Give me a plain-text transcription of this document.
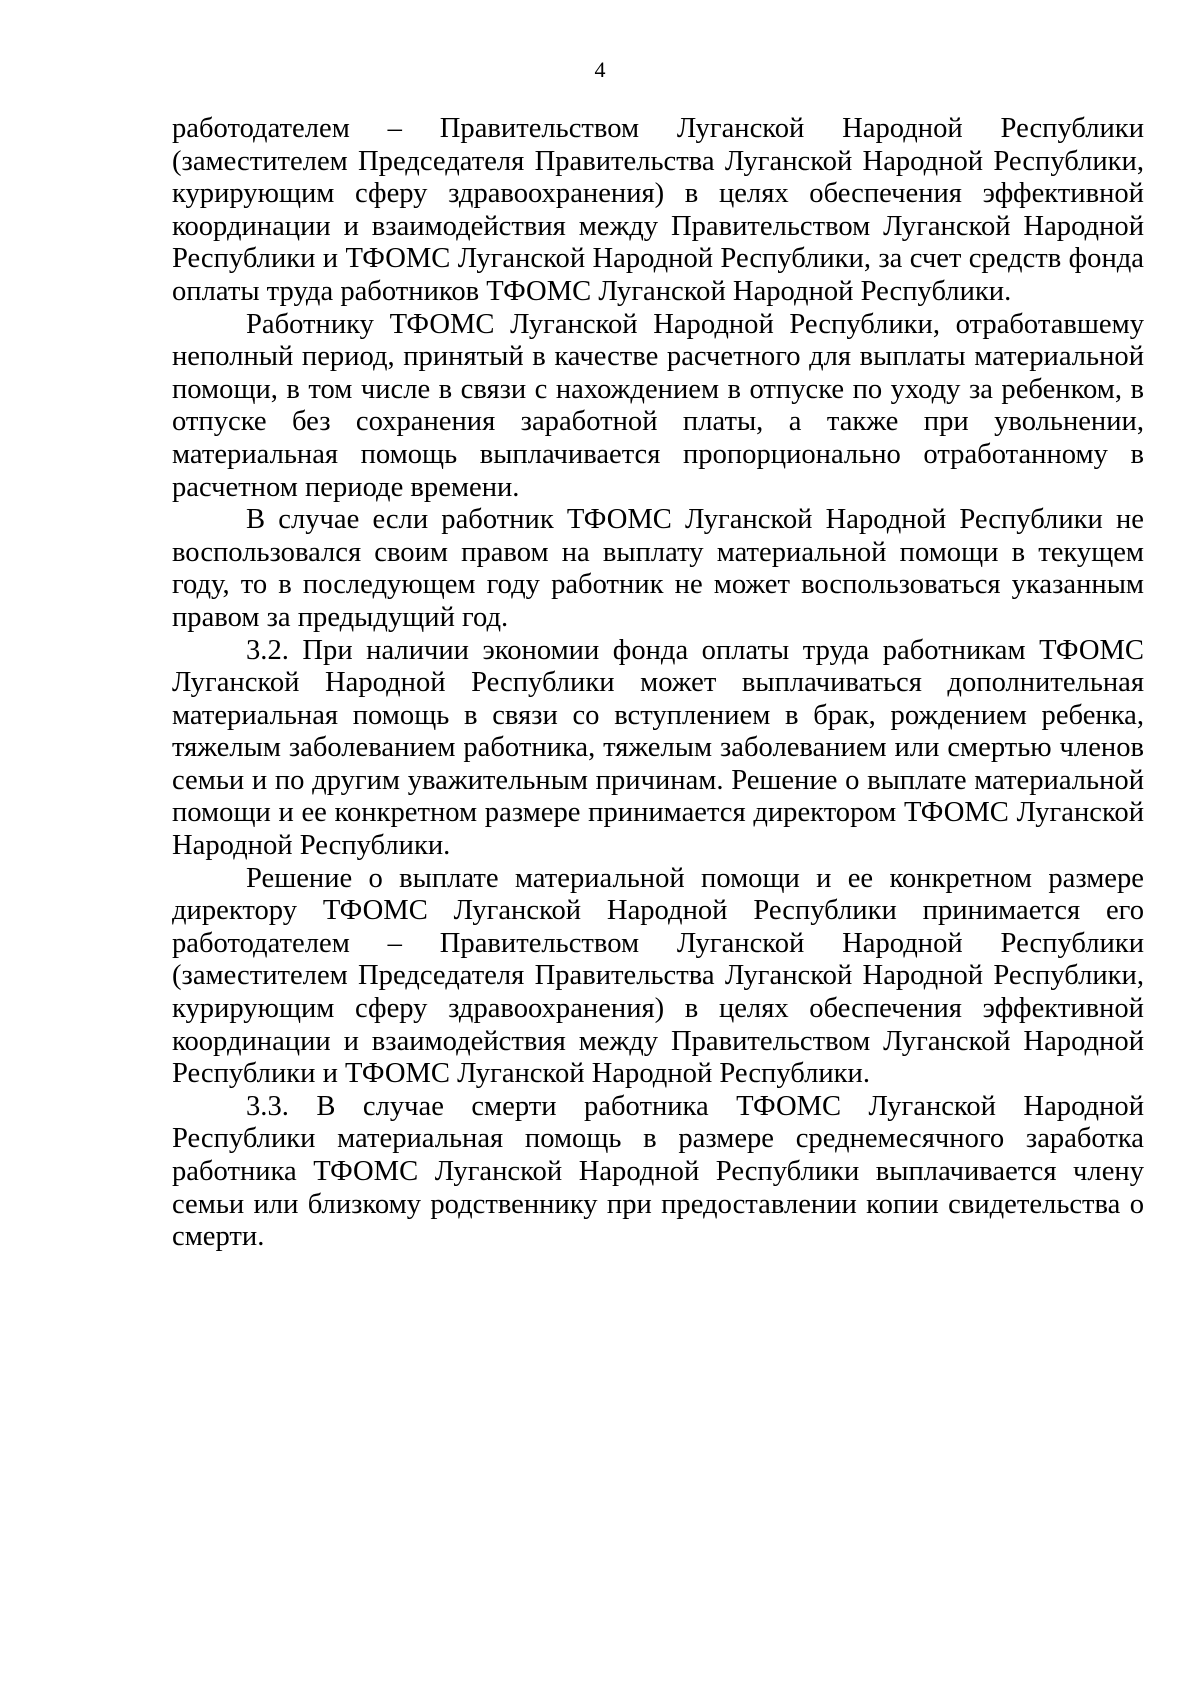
4

работодателем – Правительством Луганской Народной Республики (заместителем Председателя Правительства Луганской Народной Республики, курирующим сферу здравоохранения) в целях обеспечения эффективной координации и взаимодействия между Правительством Луганской Народной Республики и ТФОМС Луганской Народной Республики, за счет средств фонда оплаты труда работников ТФОМС Луганской Народной Республики.

Работнику ТФОМС Луганской Народной Республики, отработавшему неполный период, принятый в качестве расчетного для выплаты материальной помощи, в том числе в связи с нахождением в отпуске по уходу за ребенком, в отпуске без сохранения заработной платы, а также при увольнении, материальная помощь выплачивается пропорционально отработанному в расчетном периоде времени.

В случае если работник ТФОМС Луганской Народной Республики не воспользовался своим правом на выплату материальной помощи в текущем году, то в последующем году работник не может воспользоваться указанным правом за предыдущий год.

3.2. При наличии экономии фонда оплаты труда работникам ТФОМС Луганской Народной Республики может выплачиваться дополнительная материальная помощь в связи со вступлением в брак, рождением ребенка, тяжелым заболеванием работника, тяжелым заболеванием или смертью членов семьи и по другим уважительным причинам. Решение о выплате материальной помощи и ее конкретном размере принимается директором ТФОМС Луганской Народной Республики.

Решение о выплате материальной помощи и ее конкретном размере директору ТФОМС Луганской Народной Республики принимается его работодателем – Правительством Луганской Народной Республики (заместителем Председателя Правительства Луганской Народной Республики, курирующим сферу здравоохранения) в целях обеспечения эффективной координации и взаимодействия между Правительством Луганской Народной Республики и ТФОМС Луганской Народной Республики.

3.3. В случае смерти работника ТФОМС Луганской Народной Республики материальная помощь в размере среднемесячного заработка работника ТФОМС Луганской Народной Республики выплачивается члену семьи или близкому родственнику при предоставлении копии свидетельства о смерти.
